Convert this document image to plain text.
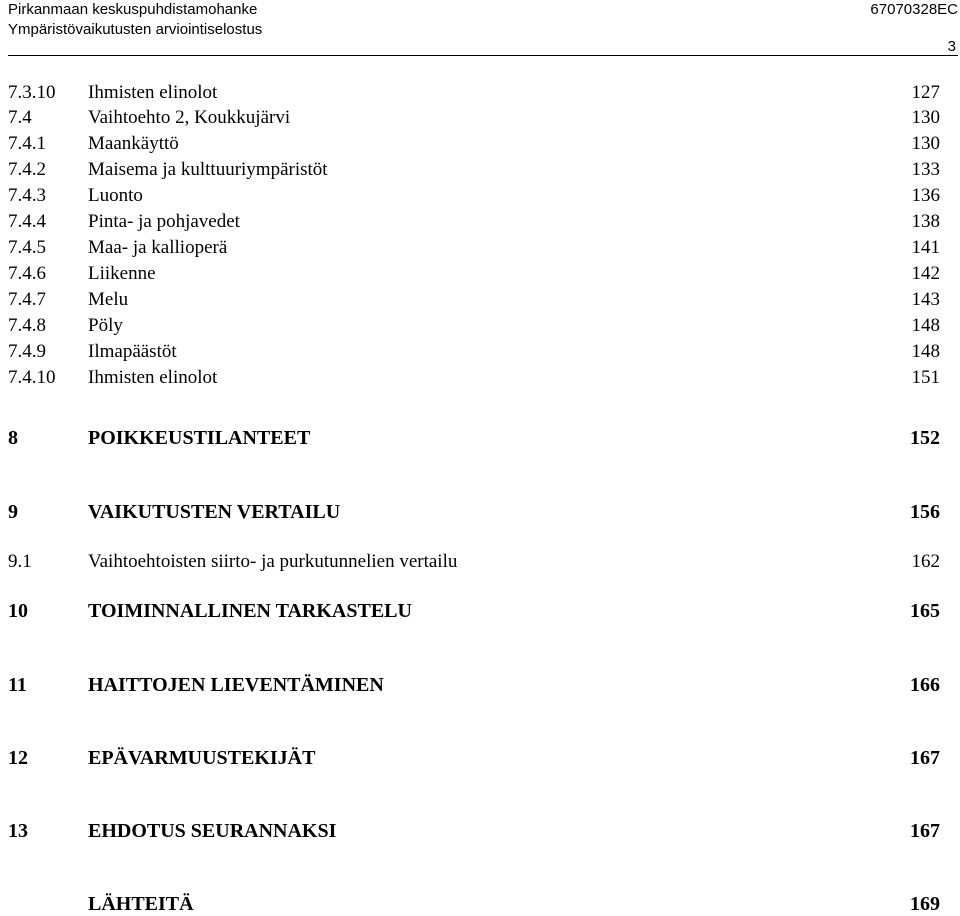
Pirkanmaan keskuspuhdistamohanke	67070328EC
Ympäristövaikutusten arviointiselostus
3
7.3.10	Ihmisten elinolot	127
7.4	Vaihtoehto 2, Koukkujärvi	130
7.4.1	Maankäyttö	130
7.4.2	Maisema ja kulttuuriympäristöt	133
7.4.3	Luonto	136
7.4.4	Pinta- ja pohjavedet	138
7.4.5	Maa- ja kallioperä	141
7.4.6	Liikenne	142
7.4.7	Melu	143
7.4.8	Pöly	148
7.4.9	Ilmapäästöt	148
7.4.10	Ihmisten elinolot	151
8	POIKKEUSTILANTEET	152
9	VAIKUTUSTEN VERTAILU	156
9.1	Vaihtoehtoisten siirto- ja purkutunnelien vertailu	162
10	TOIMINNALLINEN TARKASTELU	165
11	HAITTOJEN LIEVENTÄMINEN	166
12	EPÄVARMUUSTEKIJÄT	167
13	EHDOTUS SEURANNAKSI	167
LÄHTEITÄ	169
